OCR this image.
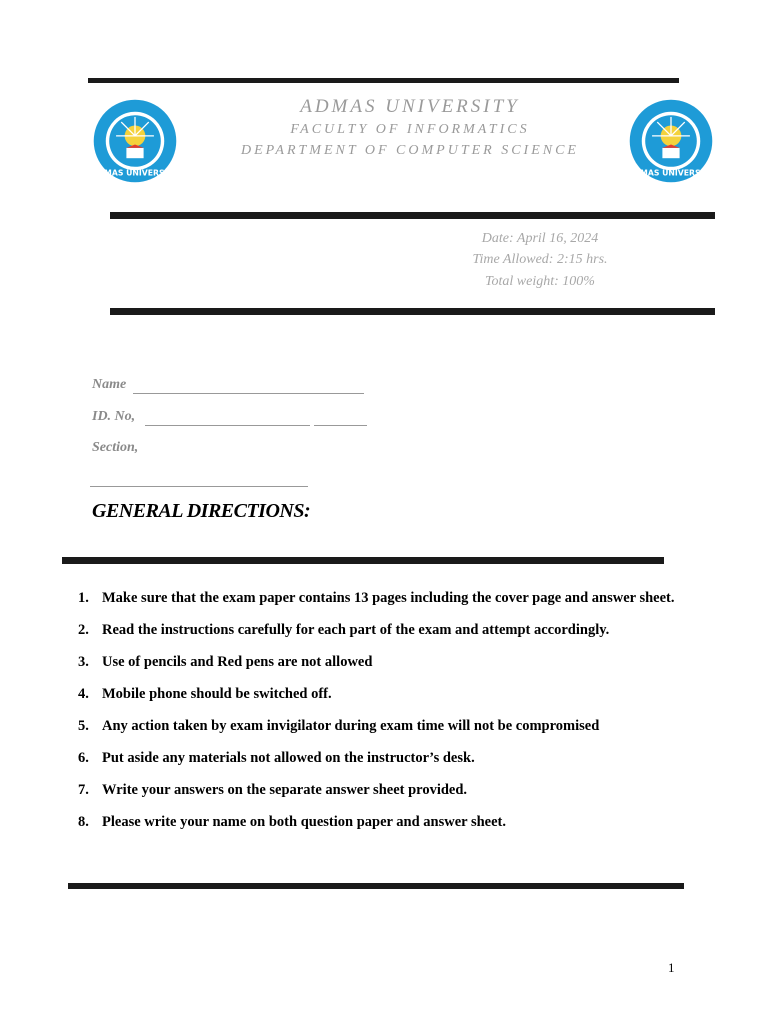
ADMAS UNIVERSITY	ADMAS UNIVERSITY
ADMAS UNIVERSITY
FACULTY OF INFORMATICS
DEPARTMENT OF COMPUTER SCIENCE
Date: April 16, 2024
Time Allowed: 2:15 hrs.
Total weight: 100%
Name
ID. No,
Section,
GENERAL DIRECTIONS:
1. Make sure that the exam paper contains 13 pages including the cover page and answer sheet.
2. Read the instructions carefully for each part of the exam and attempt accordingly.
3. Use of pencils and Red pens are not allowed
4. Mobile phone should be switched off.
5. Any action taken by exam invigilator during exam time will not be compromised
6. Put aside any materials not allowed on the instructor’s desk.
7. Write your answers on the separate answer sheet provided.
8. Please write your name on both question paper and answer sheet.
1
